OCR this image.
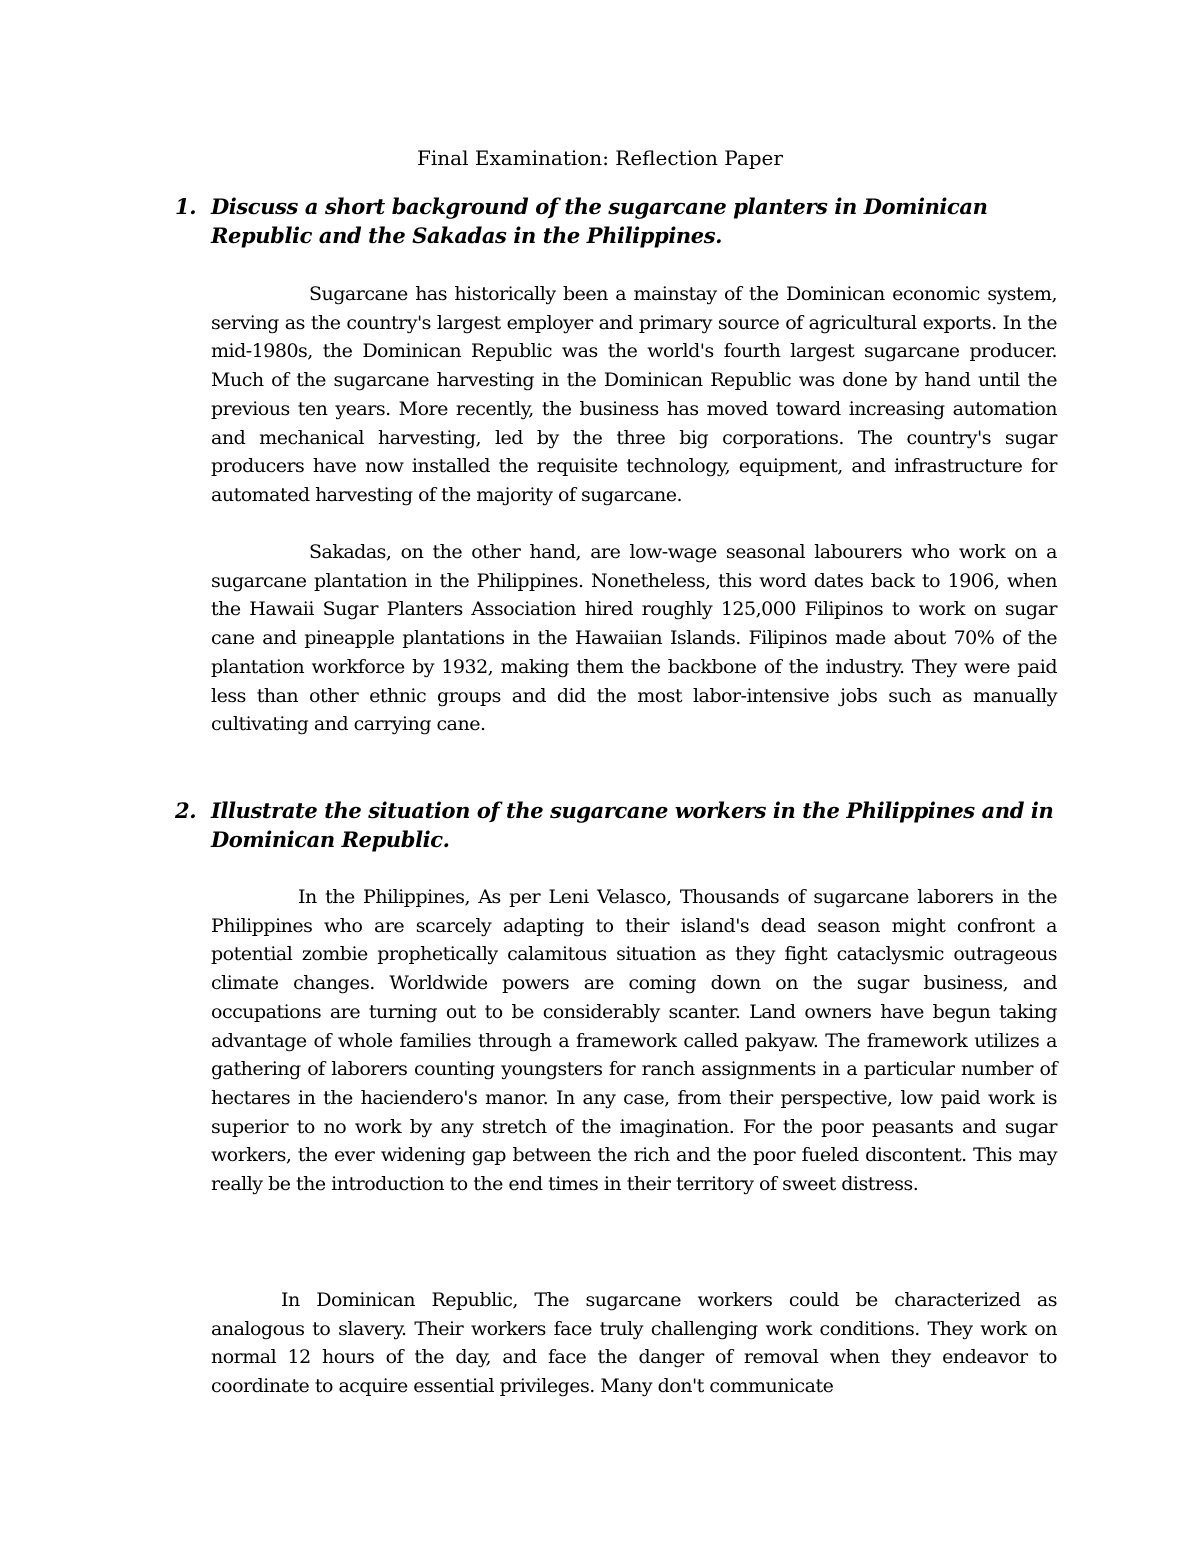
Final Examination: Reflection Paper
1. Discuss a short background of the sugarcane planters in Dominican Republic and the Sakadas in the Philippines.

Sugarcane has historically been a mainstay of the Dominican economic system, serving as the country's largest employer and primary source of agricultural exports. In the mid-1980s, the Dominican Republic was the world's fourth largest sugarcane producer. Much of the sugarcane harvesting in the Dominican Republic was done by hand until the previous ten years. More recently, the business has moved toward increasing automation and mechanical harvesting, led by the three big corporations. The country's sugar producers have now installed the requisite technology, equipment, and infrastructure for automated harvesting of the majority of sugarcane.

Sakadas, on the other hand, are low-wage seasonal labourers who work on a sugarcane plantation in the Philippines. Nonetheless, this word dates back to 1906, when the Hawaii Sugar Planters Association hired roughly 125,000 Filipinos to work on sugar cane and pineapple plantations in the Hawaiian Islands. Filipinos made about 70% of the plantation workforce by 1932, making them the backbone of the industry. They were paid less than other ethnic groups and did the most labor-intensive jobs such as manually cultivating and carrying cane.

2. Illustrate the situation of the sugarcane workers in the Philippines and in Dominican Republic.

In the Philippines, As per Leni Velasco, Thousands of sugarcane laborers in the Philippines who are scarcely adapting to their island's dead season might confront a potential zombie prophetically calamitous situation as they fight cataclysmic outrageous climate changes. Worldwide powers are coming down on the sugar business, and occupations are turning out to be considerably scanter. Land owners have begun taking advantage of whole families through a framework called pakyaw. The framework utilizes a gathering of laborers counting youngsters for ranch assignments in a particular number of hectares in the haciendero's manor. In any case, from their perspective, low paid work is superior to no work by any stretch of the imagination. For the poor peasants and sugar workers, the ever widening gap between the rich and the poor fueled discontent. This may really be the introduction to the end times in their territory of sweet distress.

In Dominican Republic, The sugarcane workers could be characterized as analogous to slavery. Their workers face truly challenging work conditions. They work on normal 12 hours of the day, and face the danger of removal when they endeavor to coordinate to acquire essential privileges. Many don't communicate
